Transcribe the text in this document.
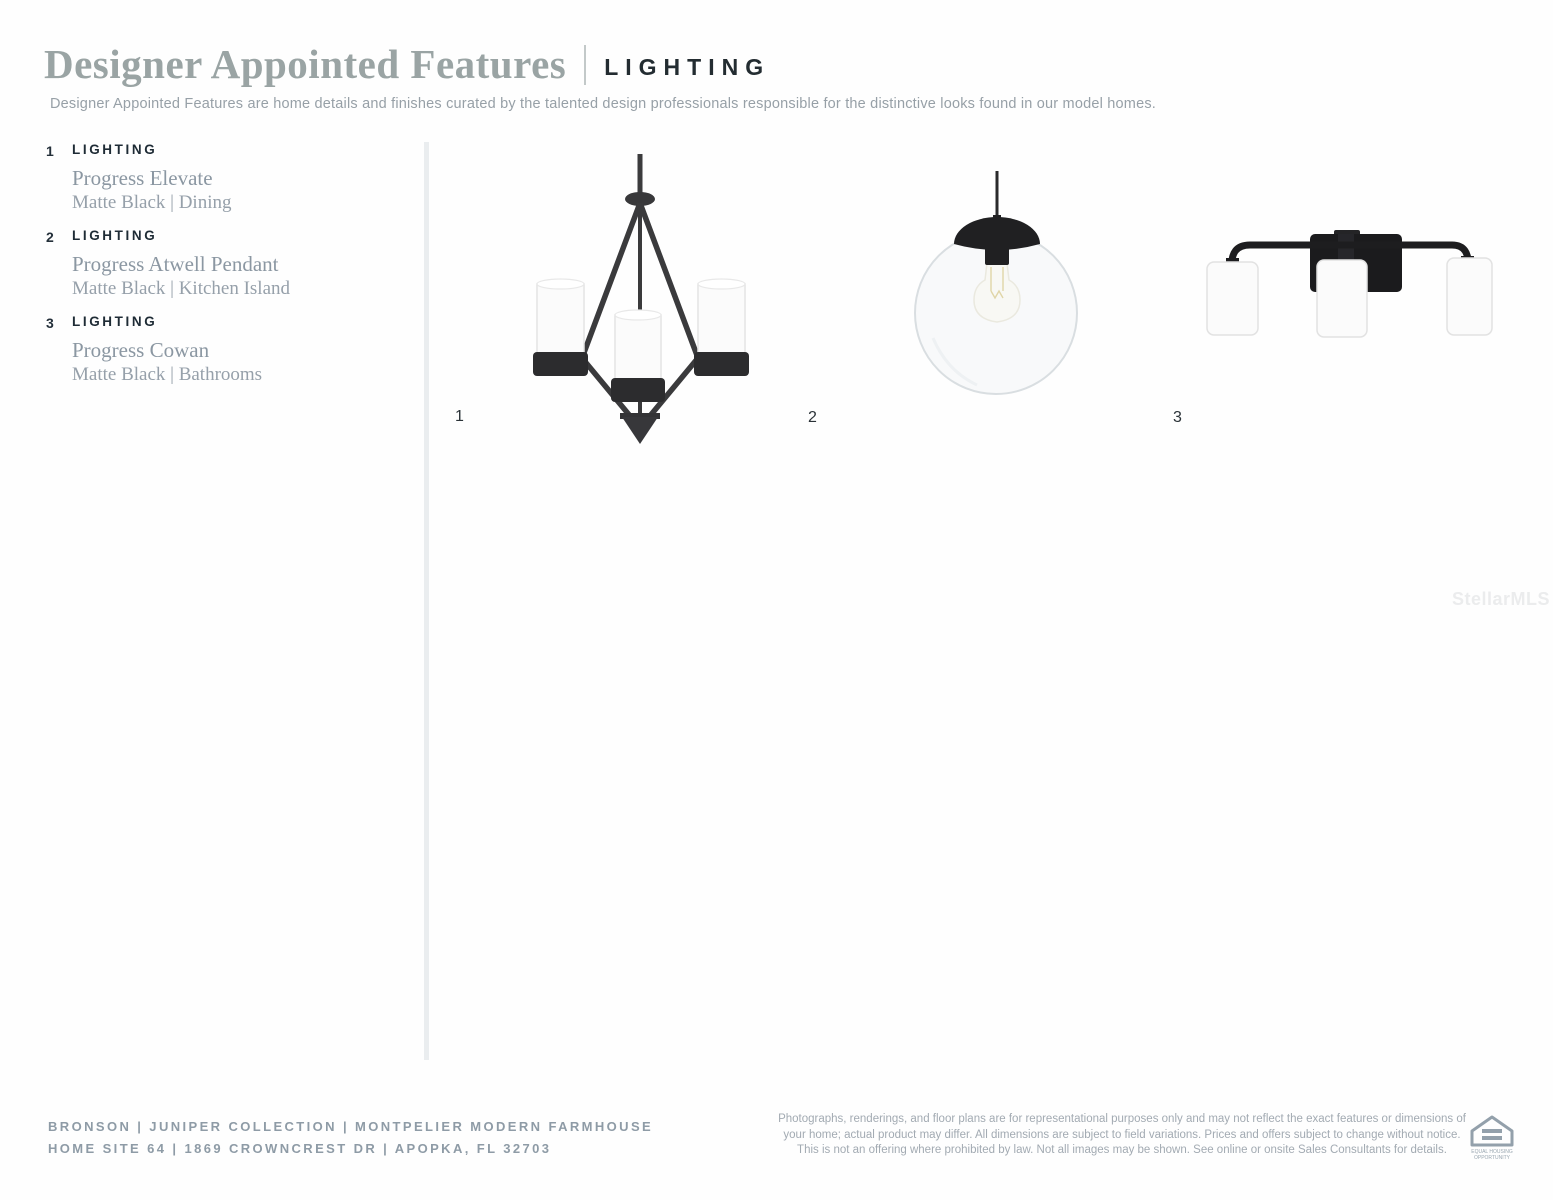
Designer Appointed Features LIGHTING
Designer Appointed Features are home details and finishes curated by the talented design professionals responsible for the distinctive looks found in our model homes.
1	LIGHTING
Progress Elevate
Matte Black | Dining
2	LIGHTING
Progress Atwell Pendant
Matte Black | Kitchen Island
3	LIGHTING
Progress Cowan
Matte Black | Bathrooms
1	2	3
StellarMLS
BRONSON | JUNIPER COLLECTION | MONTPELIER MODERN FARMHOUSE
HOME SITE 64 | 1869 CROWNCREST DR | APOPKA, FL 32703
Photographs, renderings, and floor plans are for representational purposes only and may not reflect the exact features or dimensions of
your home; actual product may differ. All dimensions are subject to field variations. Prices and offers subject to change without notice.
This is not an offering where prohibited by law. Not all images may be shown. See online or onsite Sales Consultants for details.	EQUAL HOUSING
OPPORTUNITY
